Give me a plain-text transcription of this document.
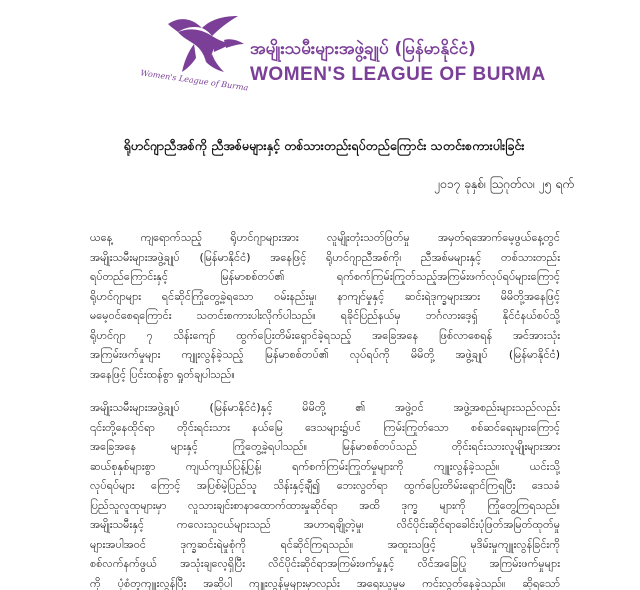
Women's League of Burma
အမျိုးသမီးများအဖွဲ့ချုပ် (မြန်မာနိုင်ငံ)
WOMEN'S LEAGUE OF BURMA
ရိုဟင်ဂျာညီအစ်ကို ညီအစ်မများနှင့် တစ်သားတည်းရပ်တည်ကြောင်း သတင်းစကားပါးခြင်း
၂၀၁၇ ခုနှစ်၊ သြဂုတ်လ၊ ၂၅ ရက်
ယနေ့ ကျရောက်သည့် ရိုဟင်ဂျာများအား လူမျိုးတုံးသတ်ဖြတ်မှု အမှတ်ရအောက်မေ့ဖွယ်နေ့တွင်
အမျိုးသမီးများအဖွဲ့ချုပ် (မြန်မာနိုင်ငံ) အနေဖြင့် ရိုဟင်ဂျာညီအစ်ကို၊ ညီအစ်မများနှင့် တစ်သားတည်း
ရပ်တည်ကြောင်းနှင့် မြန်မာစစ်တပ်၏ ရက်စက်ကြမ်းကြုတ်သည့်အကြမ်းဖက်လုပ်ရပ်များကြောင့်
ရိုဟင်ဂျာများ ရင်ဆိုင်ကြုံတွေ့ခဲ့ရသော ဝမ်းနည်းမှု၊ နာကျင်မှုနှင့် ဆင်းရဲဒုက္ခများအား မိမိတို့အနေဖြင့်
မမေ့ဝင်စေရကြောင်း သတင်းစကားပါးလိုက်ပါသည်။ ရခိုင်ပြည်နယ်မှ ဘင်္ဂလားဒေ့ရှ် နိုင်ငံနယ်စပ်သို့
ရိုဟင်ဂျာ ၇ သိန်းကျော် ထွက်ပြေးတိမ်းရှောင်ခဲ့ရသည့် အခြေအနေ ဖြစ်လာစေရန် အင်အားသုံး
အကြမ်းဖက်မှုများ ကျူးလွန်ခဲ့သည့် မြန်မာစစ်တပ်၏ လုပ်ရပ်ကို မိမိတို့ အဖွဲ့ချုပ် (မြန်မာနိုင်ငံ)
အနေဖြင့် ပြင်းထန်စွာ ရှုတ်ချပါသည်။
အမျိုးသမီးများအဖွဲ့ချုပ် (မြန်မာနိုင်ငံ)နှင့် မိမိတို့ ၏ အဖွဲ့ဝင် အဖွဲ့အစည်းများသည်လည်း
၎င်းတို့နေထိုင်ရာ တိုင်းရင်းသား နယ်မြေ ဒေသများ၌ပင် ကြမ်းကြုတ်သော စစ်ဆင်ရေးများကြောင့်
အခြေအနေ များနှင့် ကြုံတွေ့ခဲ့ရပါသည်။ မြန်မာစစ်တပ်သည် တိုင်းရင်းသားလူမျိုးများအား
ဆယ်စုနှစ်များစွာ ကျယ်ကျယ်ပြန့်ပြန့်၊ ရက်စက်ကြမ်းကြုတ်မှုများကို ကျူးလွန်ခဲ့သည်။ ယင်းသို့
လုပ်ရပ်များ ကြောင့် အပြစ်မဲ့ပြည်သူ သိန်းနှင့်ချီ၍ ဘေးလွတ်ရာ ထွက်ပြေးတိမ်းရှောင်ကြရပြီး ဒေသခံ
ပြည်သူလူထုများမှာ လူသားချင်းစာနာထောက်ထားမှုဆိုင်ရာ အထိ ဒုက္ခ များကို ကြုံတွေ့ကြရသည်။
အမျိုးသမီးနှင့် ကလေးသူငယ်များသည် အဟာရချို့တဲ့မှု၊ လိင်ပိုင်းဆိုင်ရာခေါင်းပုံဖြတ်အမြတ်ထုတ်မှု
များအပါအဝင် ဒုက္ခဆင်းရဲမှုစုံကို ရင်ဆိုင်ကြရသည်။ အထူးသဖြင့် မုဒိမ်းမှုကျူးလွန်ခြင်းကို
စစ်လက်နက်ဖွယ် အသုံးချလေ့ရှိပြီး လိင်ပိုင်းဆိုင်ရာအကြမ်းဖက်မှုနှင့် လိင်အခြေပြု အကြမ်းဖက်မှုများ
ကို ပုံစံတူကျူးလွန်ပြီး အဆိုပါ ကျူးလွန်မှုများမှာလည်း အရေးယူမှုမ ကင်းလွတ်နေခဲ့သည်။ ဆိုရသော်
